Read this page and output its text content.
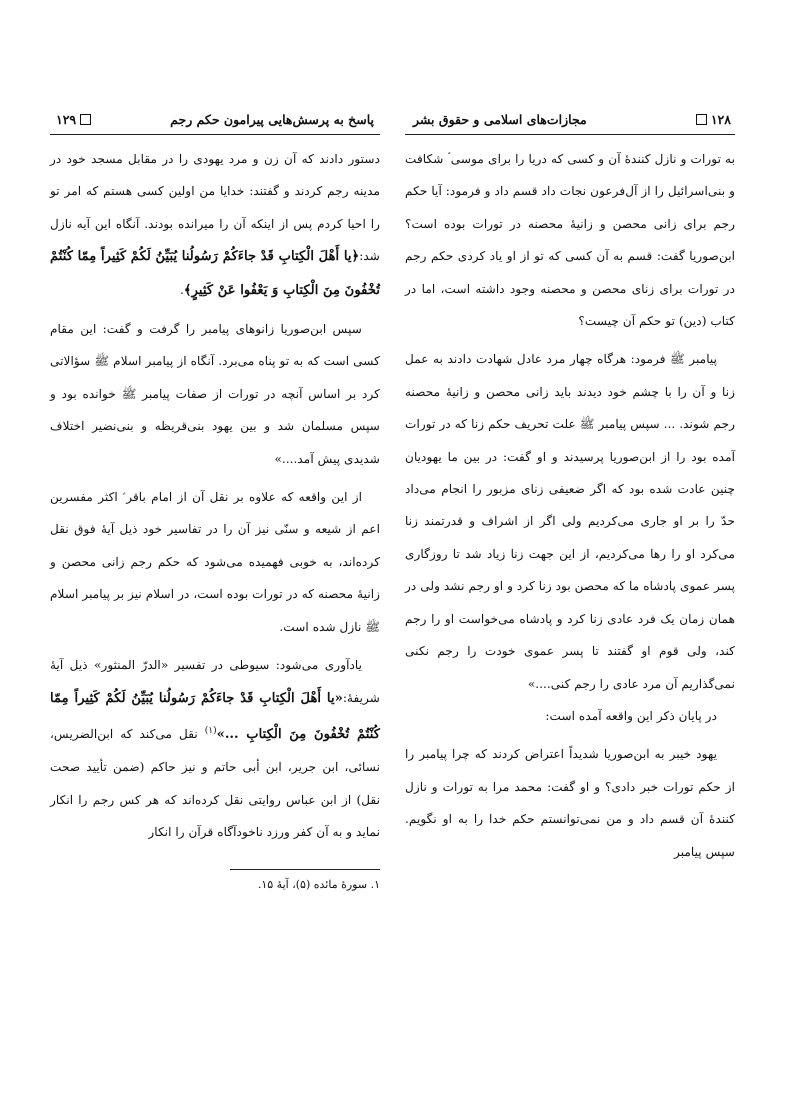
پاسخ به پرسش‌هایی پیرامون حکم رجم
۱۲۹

دستور دادند که آن زن و مرد یهودی را در مقابل مسجد خود در مدینه رجم کردند و گفتند: خدایا من اولین کسی هستم که امر تو را احیا کردم پس از اینکه آن را میرانده بودند. آنگاه این آیه نازل شد:﴿یا أَهْلَ الْکِتابِ قَدْ جاءَکُمْ رَسُولُنا یُبَیِّنُ لَکُمْ کَثِیراً مِمّا کُنْتُمْ تُخْفُونَ مِنَ الْکِتابِ وَ یَعْفُوا عَنْ کَثِیرٍ﴾.

سپس ابن‌صوریا زانوهای پیامبر را گرفت و گفت: این مقام کسی است که به تو پناه می‌برد. آنگاه از پیامبر اسلام ﷺ سؤالاتی کرد بر اساس آنچه در تورات از صفات پیامبر ﷺ خوانده بود و سپس مسلمان شد و بین یهود بنی‌قریظه و بنی‌نضیر اختلاف شدیدی پیش آمد....»

از این واقعه که علاوه بر نقل آن از امام باقر ؑ اکثر مفسرین اعم از شیعه و سنّی نیز آن را در تفاسیر خود ذیل آیهٔ فوق نقل کرده‌اند، به خوبی فهمیده می‌شود که حکم رجم زانی محصن و زانیهٔ محصنه که در تورات بوده است، در اسلام نیز بر پیامبر اسلام ﷺ نازل شده است.

یادآوری می‌شود: سیوطی در تفسیر «الدرّ المنثور» ذیل آیهٔ شریفهٔ:«یا أَهْلَ الْکِتابِ قَدْ جاءَکُمْ رَسُولُنا یُبَیِّنُ لَکُمْ کَثِیراً مِمّا کُنْتُمْ تُخْفُونَ مِنَ الْکِتابِ ...»$^{(۱)}$ نقل می‌کند که ابن‌الضریس، نسائی، ابن جریر، ابن أبی حاتم و نیز حاکم (ضمن تأیید صحت نقل) از ابن عباس روایتی نقل کرده‌اند که هر کس رجم را انکار نماید و به آن کفر ورزد ناخودآگاه قرآن را انکار

۱. سورهٔ مائده (۵)، آیهٔ ۱۵.
۱۲۸
مجازات‌های اسلامی و حقوق بشر

به تورات و نازل کنندهٔ آن و کسی که دریا را برای موسی ؑ شکافت و بنی‌اسرائیل را از آل‌فرعون نجات داد قسم داد و فرمود: آیا حکم رجم برای زانی محصن و زانیهٔ محصنه در تورات بوده است؟ ابن‌صوریا گفت: قسم به آن کسی که تو از او یاد کردی حکم رجم در تورات برای زنای محصن و محصنه وجود داشته است، اما در کتاب (دین) تو حکم آن چیست؟

پیامبر ﷺ فرمود: هرگاه چهار مرد عادل شهادت دادند به عمل زنا و آن را با چشم خود دیدند باید زانی محصن و زانیهٔ محصنه رجم شوند. ... سپس پیامبر ﷺ علت تحریف حکم زنا که در تورات آمده بود را از ابن‌صوریا پرسیدند و او گفت: در بین ما یهودیان چنین عادت شده بود که اگر ضعیفی زنای مزبور را انجام می‌داد حدّ را بر او جاری می‌کردیم ولی اگر از اشراف و قدرتمند زنا می‌کرد او را رها می‌کردیم، از این جهت زنا زیاد شد تا روزگاری پسر عموی پادشاه ما که محصن بود زنا کرد و او رجم نشد ولی در همان زمان یک فرد عادی زنا کرد و پادشاه می‌خواست او را رجم کند، ولی قوم او گفتند تا پسر عموی خودت را رجم نکنی نمی‌گذاریم آن مرد عادی را رجم کنی....»

در پایان ذکر این واقعه آمده است:

یهود خیبر به ابن‌صوریا شدیداً اعتراض کردند که چرا پیامبر را از حکم تورات خبر دادی؟ و او گفت: محمد مرا به تورات و نازل کنندهٔ آن قسم داد و من نمی‌توانستم حکم خدا را به او نگویم. سپس پیامبر
